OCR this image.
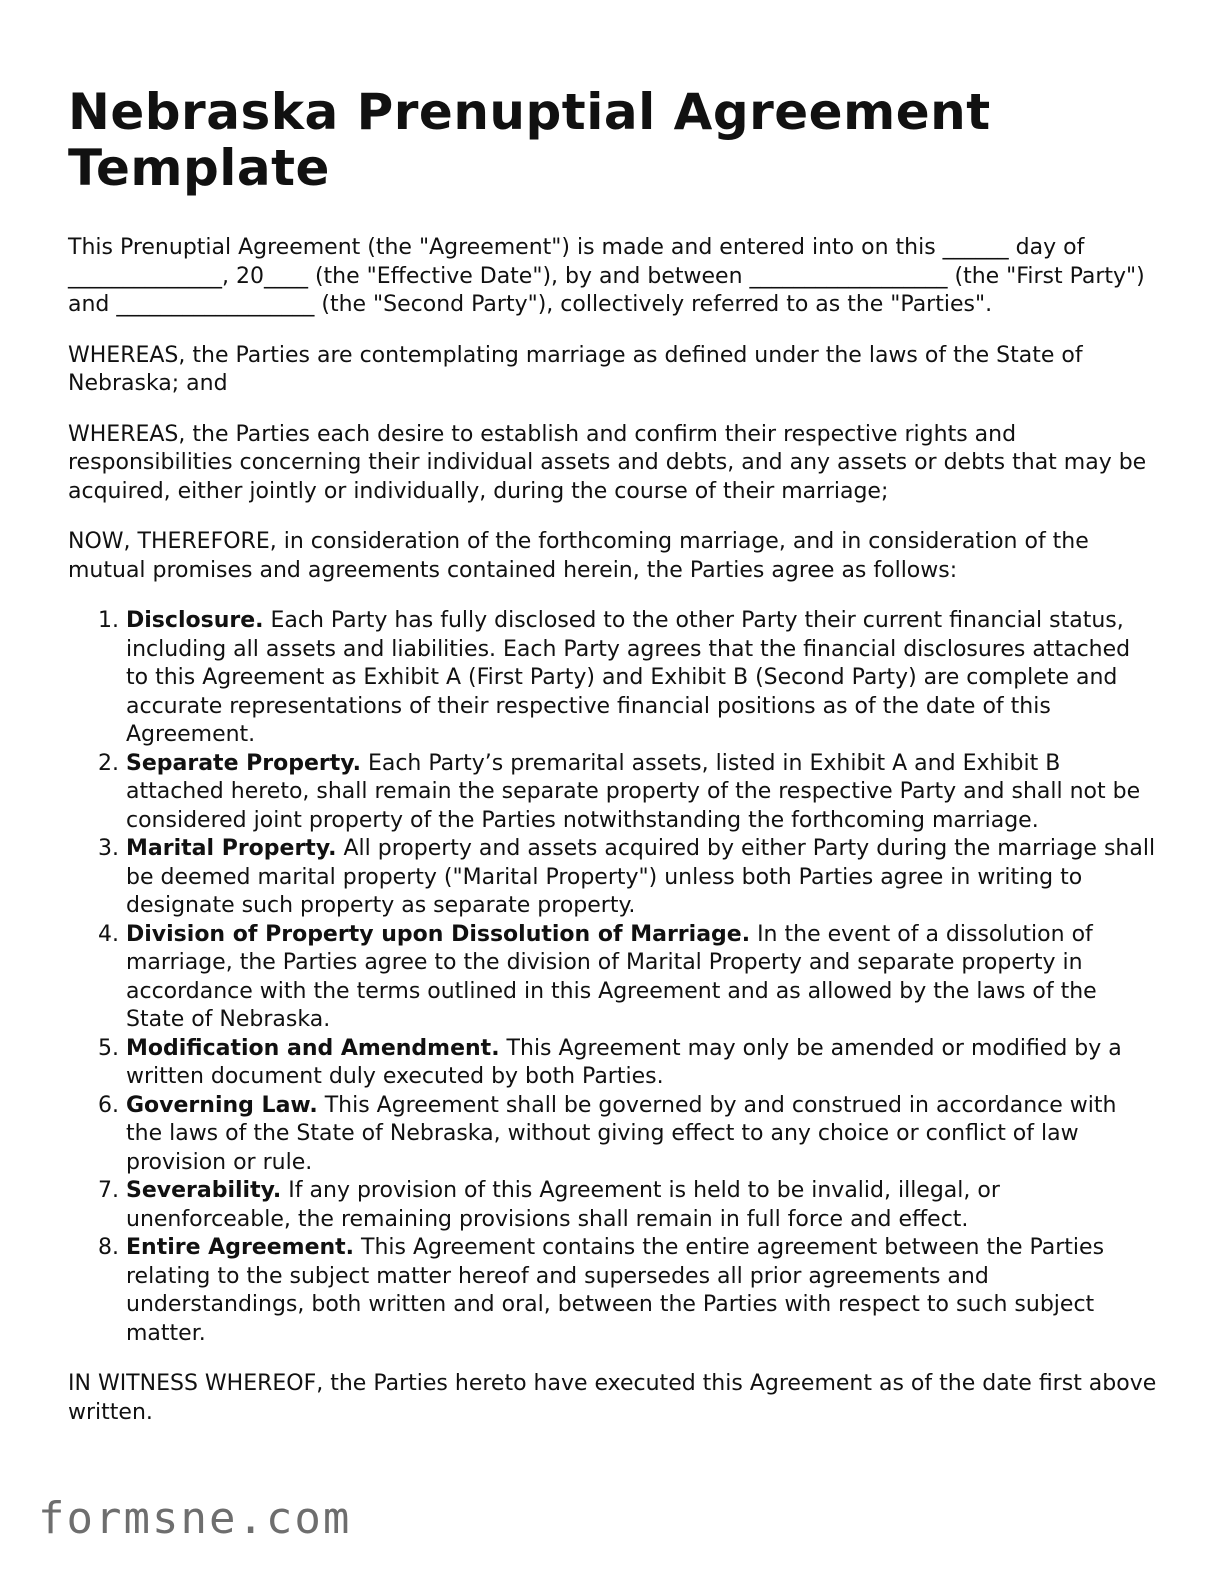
Nebraska Prenuptial Agreement Template

This Prenuptial Agreement (the "Agreement") is made and entered into on this ______ day of ______________, 20____ (the "Effective Date"), by and between __________________ (the "First Party") and __________________ (the "Second Party"), collectively referred to as the "Parties".

WHEREAS, the Parties are contemplating marriage as defined under the laws of the State of Nebraska; and

WHEREAS, the Parties each desire to establish and confirm their respective rights and responsibilities concerning their individual assets and debts, and any assets or debts that may be acquired, either jointly or individually, during the course of their marriage;

NOW, THEREFORE, in consideration of the forthcoming marriage, and in consideration of the mutual promises and agreements contained herein, the Parties agree as follows:

1. Disclosure. Each Party has fully disclosed to the other Party their current financial status, including all assets and liabilities. Each Party agrees that the financial disclosures attached to this Agreement as Exhibit A (First Party) and Exhibit B (Second Party) are complete and accurate representations of their respective financial positions as of the date of this Agreement.
2. Separate Property. Each Party’s premarital assets, listed in Exhibit A and Exhibit B attached hereto, shall remain the separate property of the respective Party and shall not be considered joint property of the Parties notwithstanding the forthcoming marriage.
3. Marital Property. All property and assets acquired by either Party during the marriage shall be deemed marital property ("Marital Property") unless both Parties agree in writing to designate such property as separate property.
4. Division of Property upon Dissolution of Marriage. In the event of a dissolution of marriage, the Parties agree to the division of Marital Property and separate property in accordance with the terms outlined in this Agreement and as allowed by the laws of the State of Nebraska.
5. Modification and Amendment. This Agreement may only be amended or modified by a written document duly executed by both Parties.
6. Governing Law. This Agreement shall be governed by and construed in accordance with the laws of the State of Nebraska, without giving effect to any choice or conflict of law provision or rule.
7. Severability. If any provision of this Agreement is held to be invalid, illegal, or unenforceable, the remaining provisions shall remain in full force and effect.
8. Entire Agreement. This Agreement contains the entire agreement between the Parties relating to the subject matter hereof and supersedes all prior agreements and understandings, both written and oral, between the Parties with respect to such subject matter.

IN WITNESS WHEREOF, the Parties hereto have executed this Agreement as of the date first above written.

formsne.com
